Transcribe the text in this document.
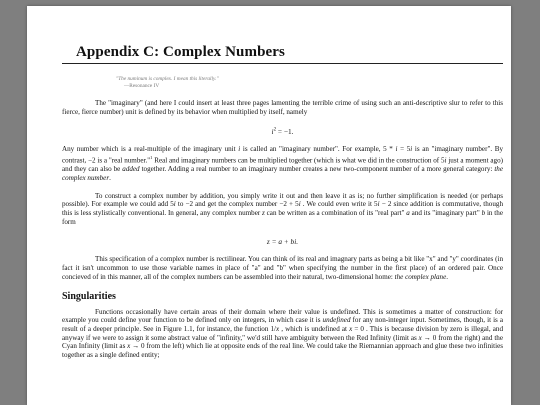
Appendix C: Complex Numbers
"The numinum is complex. I mean this literally."
—Resonance IV

The "imaginary" (and here I could insert at least three pages lamenting the terrible crime of using such an anti-descriptive slur to refer to this fierce, fierce number) unit is defined by its behavior when multiplied by itself, namely

$i^2 = -1$.

Any number which is a real-multiple of the imaginary unit i is called an "imaginary number". For example, 5 * i = 5i is an "imaginary number". By contrast, −2 is a "real number."$^1$ Real and imaginary numbers can be multiplied together (which is what we did in the construction of 5i just a moment ago) and they can also be added together. Adding a real number to an imaginary number creates a new two-component number of a more general category: the complex number.

To construct a complex number by addition, you simply write it out and then leave it as is; no further simplification is needed (or perhaps possible). For example we could add 5i to −2 and get the complex number −2 + 5i . We could even write it 5i − 2 since addition is commutative, though this is less stylistically conventional. In general, any complex number z can be written as a combination of its "real part" a and its "imaginary part" b in the form

z = a + bi.

This specification of a complex number is rectilinear. You can think of its real and imagnary parts as being a bit like "x" and "y" coordinates (in fact it isn't uncommon to use those variable names in place of "a" and "b" when specifying the number in the first place) of an ordered pair. Once concieved of in this manner, all of the complex numbers can be assembled into their natural, two-dimensional home: the complex plane.

Singularities

Functions occasionally have certain areas of their domain where their value is undefined. This is sometimes a matter of construction: for example you could define your function to be defined only on integers, in which case it is undefined for any non-integer input. Sometimes, though, it is a result of a deeper principle. See in Figure 1.1, for instance, the function 1/x , which is undefined at x = 0 . This is because division by zero is illegal, and anyway if we were to assign it some abstract value of "infinity," we'd still have ambiguity between the Red Infinity (limit as x → 0 from the right) and the Cyan Infinity (limit as x → 0 from the left) which lie at opposite ends of the real line. We could take the Riemannian approach and glue these two infinities together as a single defined entity;
